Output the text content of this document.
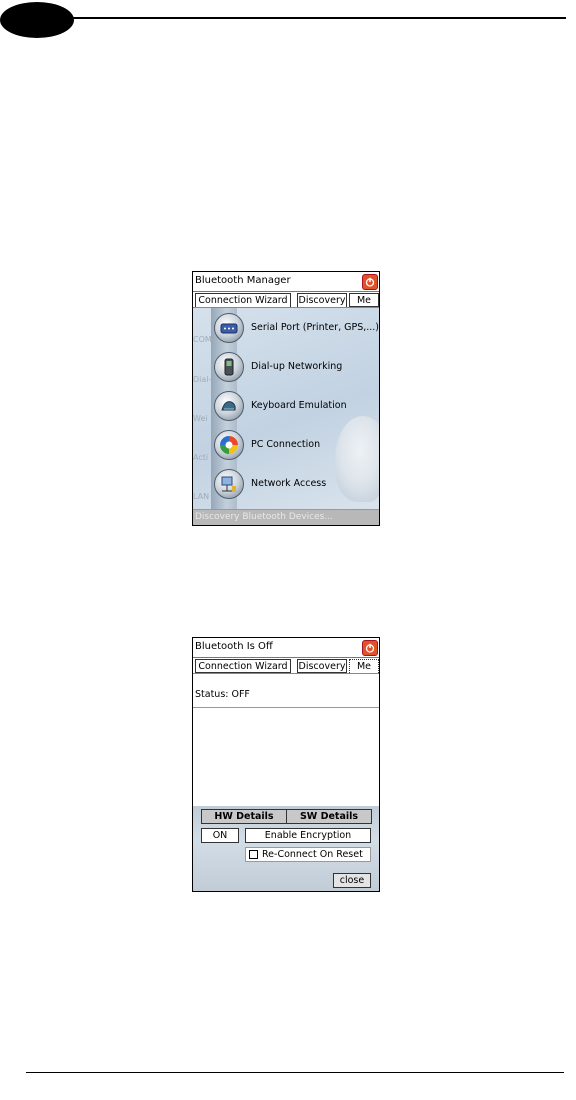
Bluetooth Manager
Connection Wizard	Discovery	Me
COM
Dial-
Wei
Acti
LAN
Serial Port (Printer, GPS,...)
Dial-up Networking
Keyboard Emulation
PC Connection
Network Access
Discovery Bluetooth Devices...
Bluetooth Is Off
Connection Wizard	Discovery	Me
Status: OFF
HW Details	SW Details
ON	Enable Encryption
Re-Connect On Reset
close
